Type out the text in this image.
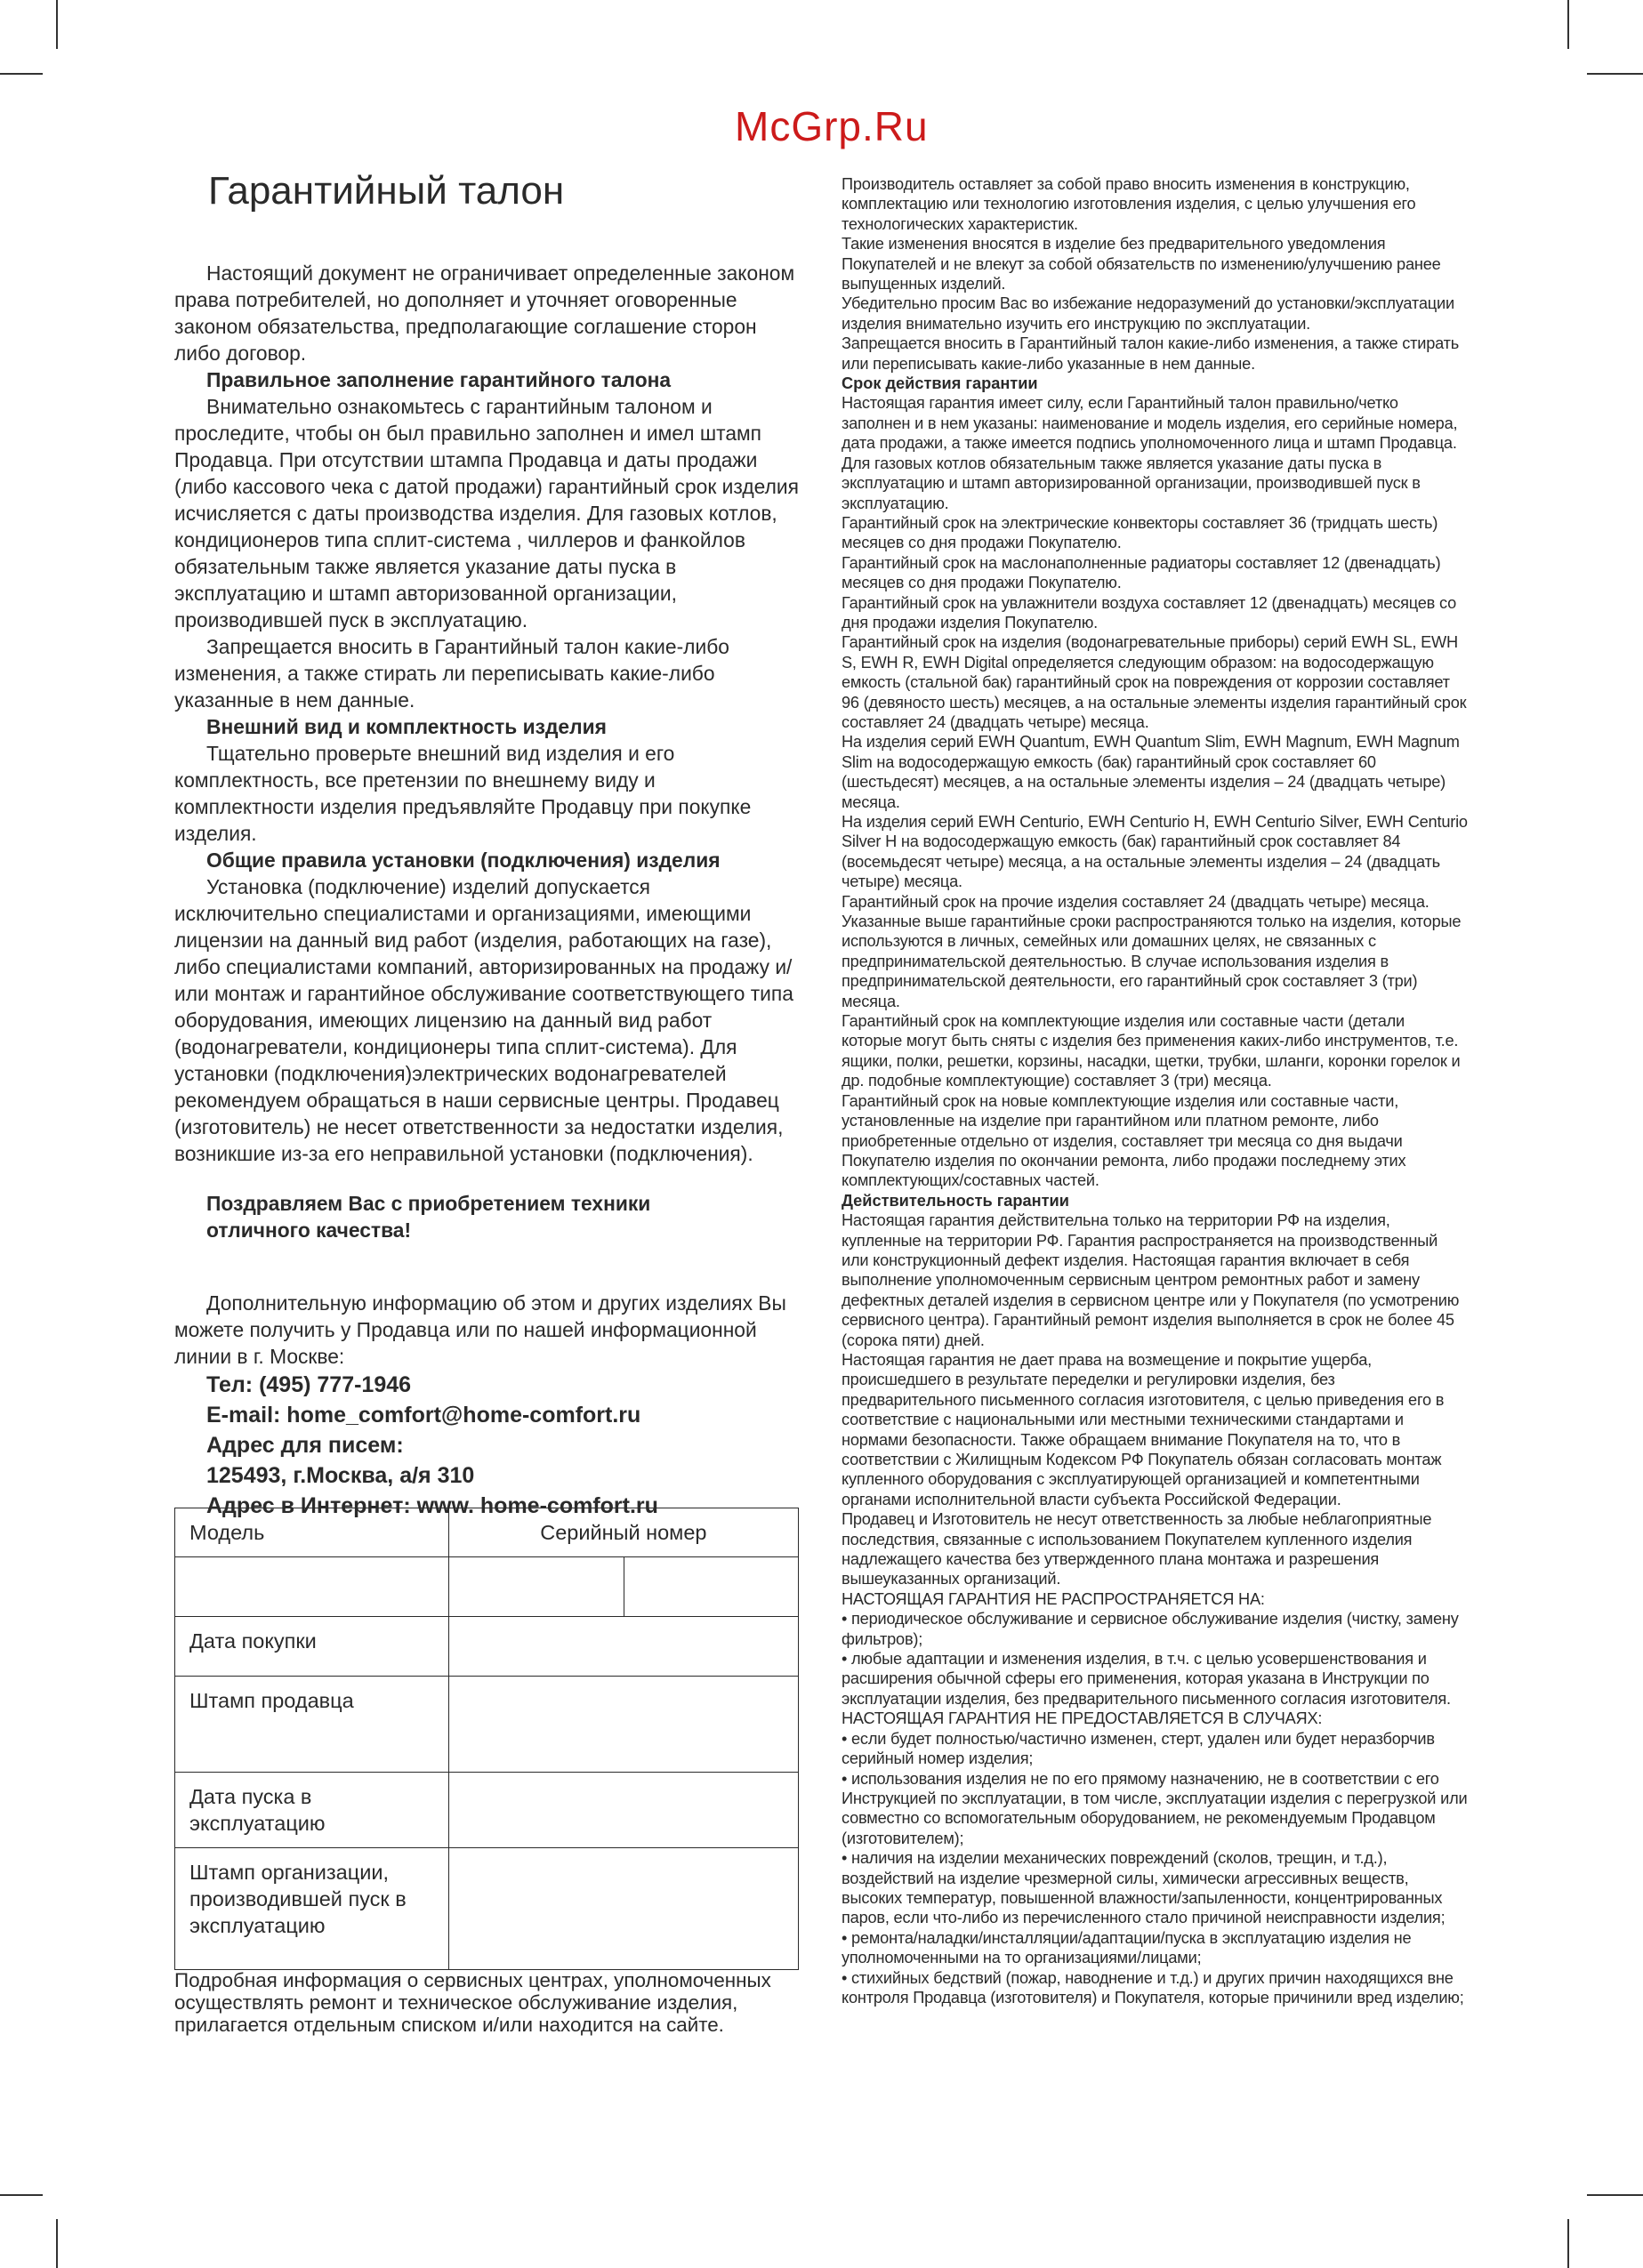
McGrp.Ru
Гарантийный талон

Настоящий документ не ограничивает определенные законом права потребителей, но дополняет и уточняет оговоренные законом обязательства, предполагающие соглашение сторон либо договор.

Правильное заполнение гарантийного талона

Внимательно ознакомьтесь с гарантийным талоном и проследите, чтобы он был правильно заполнен и имел штамп Продавца. При отсутствии штампа Продавца и даты продажи (либо кассового чека с датой продажи) гарантийный срок изделия исчисляется с даты производства изделия. Для газовых котлов, кондиционеров типа сплит-система , чиллеров и фанкойлов обязательным также является указание даты пуска в эксплуатацию и штамп авторизованной организации, производившей пуск в эксплуатацию.

Запрещается вносить в Гарантийный талон какие-либо изменения, а также стирать ли переписывать какие-либо указанные в нем данные.

Внешний вид и комплектность изделия

Тщательно проверьте внешний вид изделия и его комплектность, все претензии по внешнему виду и комплектности изделия предъявляйте Продавцу при покупке изделия.

Общие правила установки (подключения) изделия

Установка (подключение) изделий допускается исключительно специалистами и организациями, имеющими лицензии на данный вид работ (изделия, работающих на газе), либо специалистами компаний, авторизированных на продажу и/или монтаж и гарантийное обслуживание соответствующего типа оборудования, имеющих лицензию на данный вид работ (водонагреватели, кондиционеры типа сплит-система). Для установки (подключения)электрических водонагревателей рекомендуем обращаться в наши сервисные центры. Продавец (изготовитель) не несет ответственности за недостатки изделия, возникшие из-за его неправильной установки (подключения).

Поздравляем Вас с приобретением техники
отличного качества!

Дополнительную информацию об этом и других изделиях Вы можете получить у Продавца или по нашей информационной линии в г. Москве:

Тел: (495) 777-1946

E-mail: home_comfort@home-comfort.ru

Адрес для писем:

125493, г.Москва, а/я 310

Адрес в Интернет: www. home-comfort.ru

Модель	Серийный номер	

Дата покупки		
Штамп продавца		
Дата пуска в эксплуатацию		
Штамп организации, производившей пуск в эксплуатацию		

Подробная информация о сервисных центрах, уполномоченных осуществлять ремонт и техническое обслуживание изделия, прилагается отдельным списком и/или находится на сайте.

Производитель оставляет за собой право вносить изменения в конструкцию, комплектацию или технологию изготовления изделия, с целью улучшения его технологических характеристик.

Такие изменения вносятся в изделие без предварительного уведомления Покупателей и не влекут за собой обязательств по изменению/улучшению ранее выпущенных изделий.

Убедительно просим Вас во избежание недоразумений до установки/эксплуатации изделия внимательно изучить его инструкцию по эксплуатации.

Запрещается вносить в Гарантийный талон какие-либо изменения, а также стирать или переписывать какие-либо указанные в нем данные.

Срок действия гарантии

Настоящая гарантия имеет силу, если Гарантийный талон правильно/четко заполнен и в нем указаны: наименование и модель изделия, его серийные номера, дата продажи, а также имеется подпись уполномоченного лица и штамп Продавца. Для газовых котлов обязательным также является указание даты пуска в эксплуатацию и штамп авторизированной организации, производившей пуск в эксплуатацию.

Гарантийный срок на электрические конвекторы составляет 36 (тридцать шесть) месяцев со дня продажи Покупателю.

Гарантийный срок на маслонаполненные радиаторы составляет 12 (двенадцать) месяцев со дня продажи Покупателю.

Гарантийный срок на увлажнители воздуха составляет 12 (двенадцать) месяцев со дня продажи изделия Покупателю.

Гарантийный срок на изделия (водонагревательные приборы) серий EWH SL, EWH S, EWH R, EWH Digital определяется следующим образом: на водосодержащую емкость (стальной бак) гарантийный срок на повреждения от коррозии составляет 96 (девяносто шесть) месяцев, а на остальные элементы изделия гарантийный срок составляет 24 (двадцать четыре) месяца.

На изделия серий EWH Quantum, EWH Quantum Slim, EWH Magnum, EWH Magnum Slim на водосодержащую емкость (бак) гарантийный срок составляет 60 (шестьдесят) месяцев, а на остальные элементы изделия – 24 (двадцать четыре) месяца.

На изделия серий EWH Centurio, EWH Centurio H, EWH Centurio Silver, EWH Centurio Silver H на водосодержащую емкость (бак) гарантийный срок составляет 84 (восемьдесят четыре) месяца, а на остальные элементы изделия – 24 (двадцать четыре) месяца.

Гарантийный срок на прочие изделия составляет 24 (двадцать четыре) месяца.

Указанные выше гарантийные сроки распространяются только на изделия, которые используются в личных, семейных или домашних целях, не связанных с предпринимательской деятельностью. В случае использования изделия в предпринимательской деятельности, его гарантийный срок составляет 3 (три) месяца.

Гарантийный срок на комплектующие изделия или составные части (детали которые могут быть сняты с изделия без применения каких-либо инструментов, т.е. ящики, полки, решетки, корзины, насадки, щетки, трубки, шланги, коронки горелок и др. подобные комплектующие) составляет 3 (три) месяца.

Гарантийный срок на новые комплектующие изделия или составные части, установленные на изделие при гарантийном или платном ремонте, либо приобретенные отдельно от изделия, составляет три месяца со дня выдачи Покупателю изделия по окончании ремонта, либо продажи последнему этих комплектующих/составных частей.

Действительность гарантии

Настоящая гарантия действительна только на территории РФ на изделия, купленные на территории РФ. Гарантия распространяется на производственный или конструкционный дефект изделия. Настоящая гарантия включает в себя выполнение уполномоченным сервисным центром ремонтных работ и замену дефектных деталей изделия в сервисном центре или у Покупателя (по усмотрению сервисного центра). Гарантийный ремонт изделия выполняется в срок не более 45 (сорока пяти) дней.

Настоящая гарантия не дает права на возмещение и покрытие ущерба, происшедшего в результате переделки и регулировки изделия, без предварительного письменного согласия изготовителя, с целью приведения его в соответствие с национальными или местными техническими стандартами и нормами безопасности. Также обращаем внимание Покупателя на то, что в соответствии с Жилищным Кодексом РФ Покупатель обязан согласовать монтаж купленного оборудования с эксплуатирующей организацией и компетентными органами исполнительной власти субъекта Российской Федерации.

Продавец и Изготовитель не несут ответственность за любые неблагоприятные последствия, связанные с использованием Покупателем купленного изделия надлежащего качества без утвержденного плана монтажа и разрешения вышеуказанных организаций.

НАСТОЯЩАЯ ГАРАНТИЯ НЕ РАСПРОСТРАНЯЕТСЯ НА:

• периодическое обслуживание и сервисное обслуживание изделия (чистку, замену фильтров);

• любые адаптации и изменения изделия, в т.ч. с целью усовершенствования и расширения обычной сферы его применения, которая указана в Инструкции по эксплуатации изделия, без предварительного письменного согласия изготовителя.

НАСТОЯЩАЯ ГАРАНТИЯ НЕ ПРЕДОСТАВЛЯЕТСЯ В СЛУЧАЯХ:

• если будет полностью/частично изменен, стерт, удален или будет неразборчив серийный номер изделия;

• использования изделия не по его прямому назначению, не в соответствии с его Инструкцией по эксплуатации, в том числе, эксплуатации изделия с перегрузкой или совместно со вспомогательным оборудованием, не рекомендуемым Продавцом (изготовителем);

• наличия на изделии механических повреждений (сколов, трещин, и т.д.), воздействий на изделие чрезмерной силы, химически агрессивных веществ, высоких температур, повышенной влажности/запыленности, концентрированных паров, если что-либо из перечисленного стало причиной неисправности изделия;

• ремонта/наладки/инсталляции/адаптации/пуска в эксплуатацию изделия не уполномоченными на то организациями/лицами;

• стихийных бедствий (пожар, наводнение и т.д.) и других причин находящихся вне контроля Продавца (изготовителя) и Покупателя, которые причинили вред изделию;
